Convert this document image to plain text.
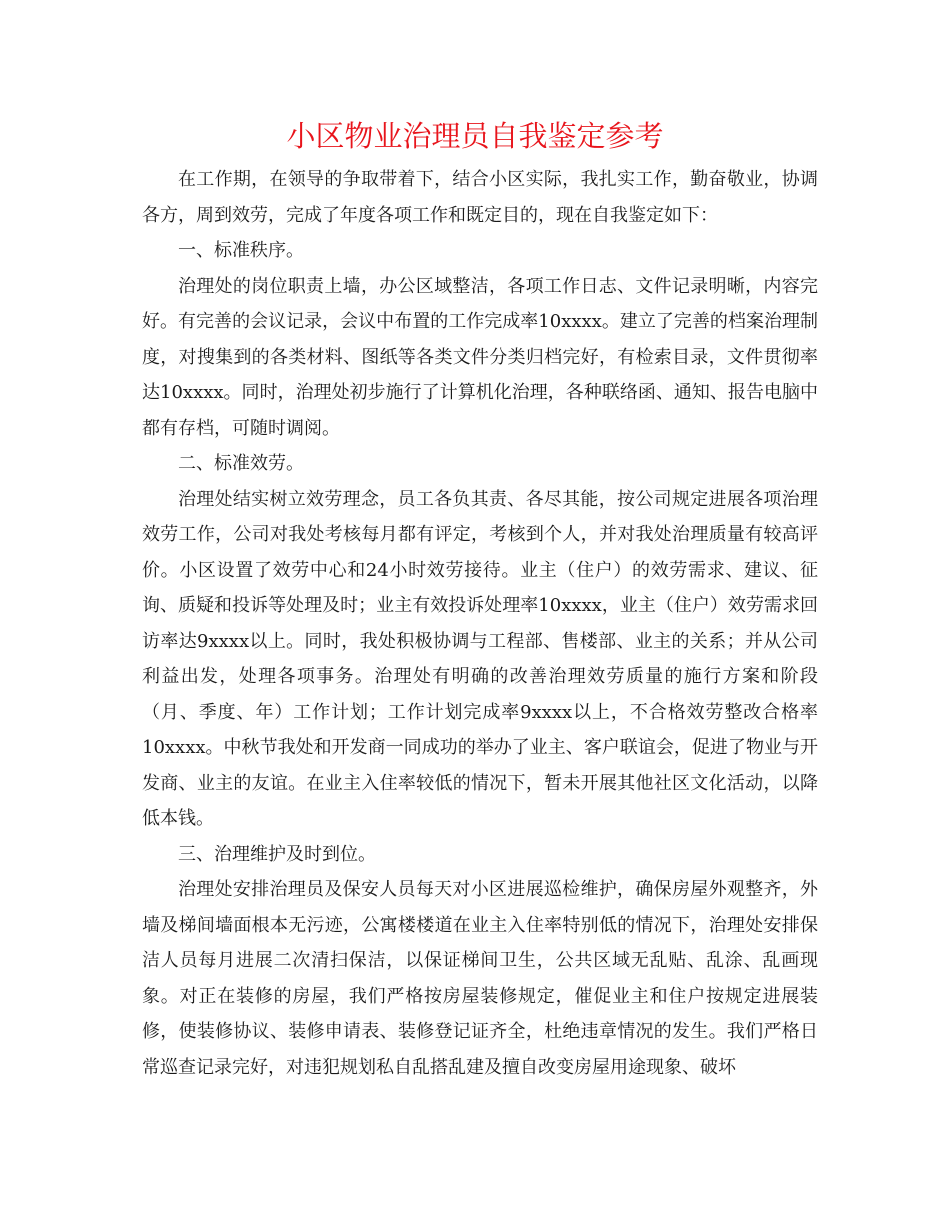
小区物业治理员自我鉴定参考

在工作期，在领导的争取带着下，结合小区实际，我扎实工作，勤奋敬业，协调各方，周到效劳，完成了年度各项工作和既定目的，现在自我鉴定如下：

一、标准秩序。

治理处的岗位职责上墙，办公区域整洁，各项工作日志、文件记录明晰，内容完好。有完善的会议记录，会议中布置的工作完成率10xxxx。建立了完善的档案治理制度，对搜集到的各类材料、图纸等各类文件分类归档完好，有检索目录，文件贯彻率达10xxxx。同时，治理处初步施行了计算机化治理，各种联络函、通知、报告电脑中都有存档，可随时调阅。

二、标准效劳。

治理处结实树立效劳理念，员工各负其责、各尽其能，按公司规定进展各项治理效劳工作，公司对我处考核每月都有评定，考核到个人，并对我处治理质量有较高评价。小区设置了效劳中心和24小时效劳接待。业主（住户）的效劳需求、建议、征询、质疑和投诉等处理及时；业主有效投诉处理率10xxxx，业主（住户）效劳需求回访率达9xxxx以上。同时，我处积极协调与工程部、售楼部、业主的关系；并从公司利益出发，处理各项事务。治理处有明确的改善治理效劳质量的施行方案和阶段（月、季度、年）工作计划；工作计划完成率9xxxx以上，不合格效劳整改合格率10xxxx。中秋节我处和开发商一同成功的举办了业主、客户联谊会，促进了物业与开发商、业主的友谊。在业主入住率较低的情况下，暂未开展其他社区文化活动，以降低本钱。

三、治理维护及时到位。

治理处安排治理员及保安人员每天对小区进展巡检维护，确保房屋外观整齐，外墙及梯间墙面根本无污迹，公寓楼楼道在业主入住率特别低的情况下，治理处安排保洁人员每月进展二次清扫保洁，以保证梯间卫生，公共区域无乱贴、乱涂、乱画现象。对正在装修的房屋，我们严格按房屋装修规定，催促业主和住户按规定进展装修，使装修协议、装修申请表、装修登记证齐全，杜绝违章情况的发生。我们严格日常巡查记录完好，对违犯规划私自乱搭乱建及擅自改变房屋用途现象、破坏
